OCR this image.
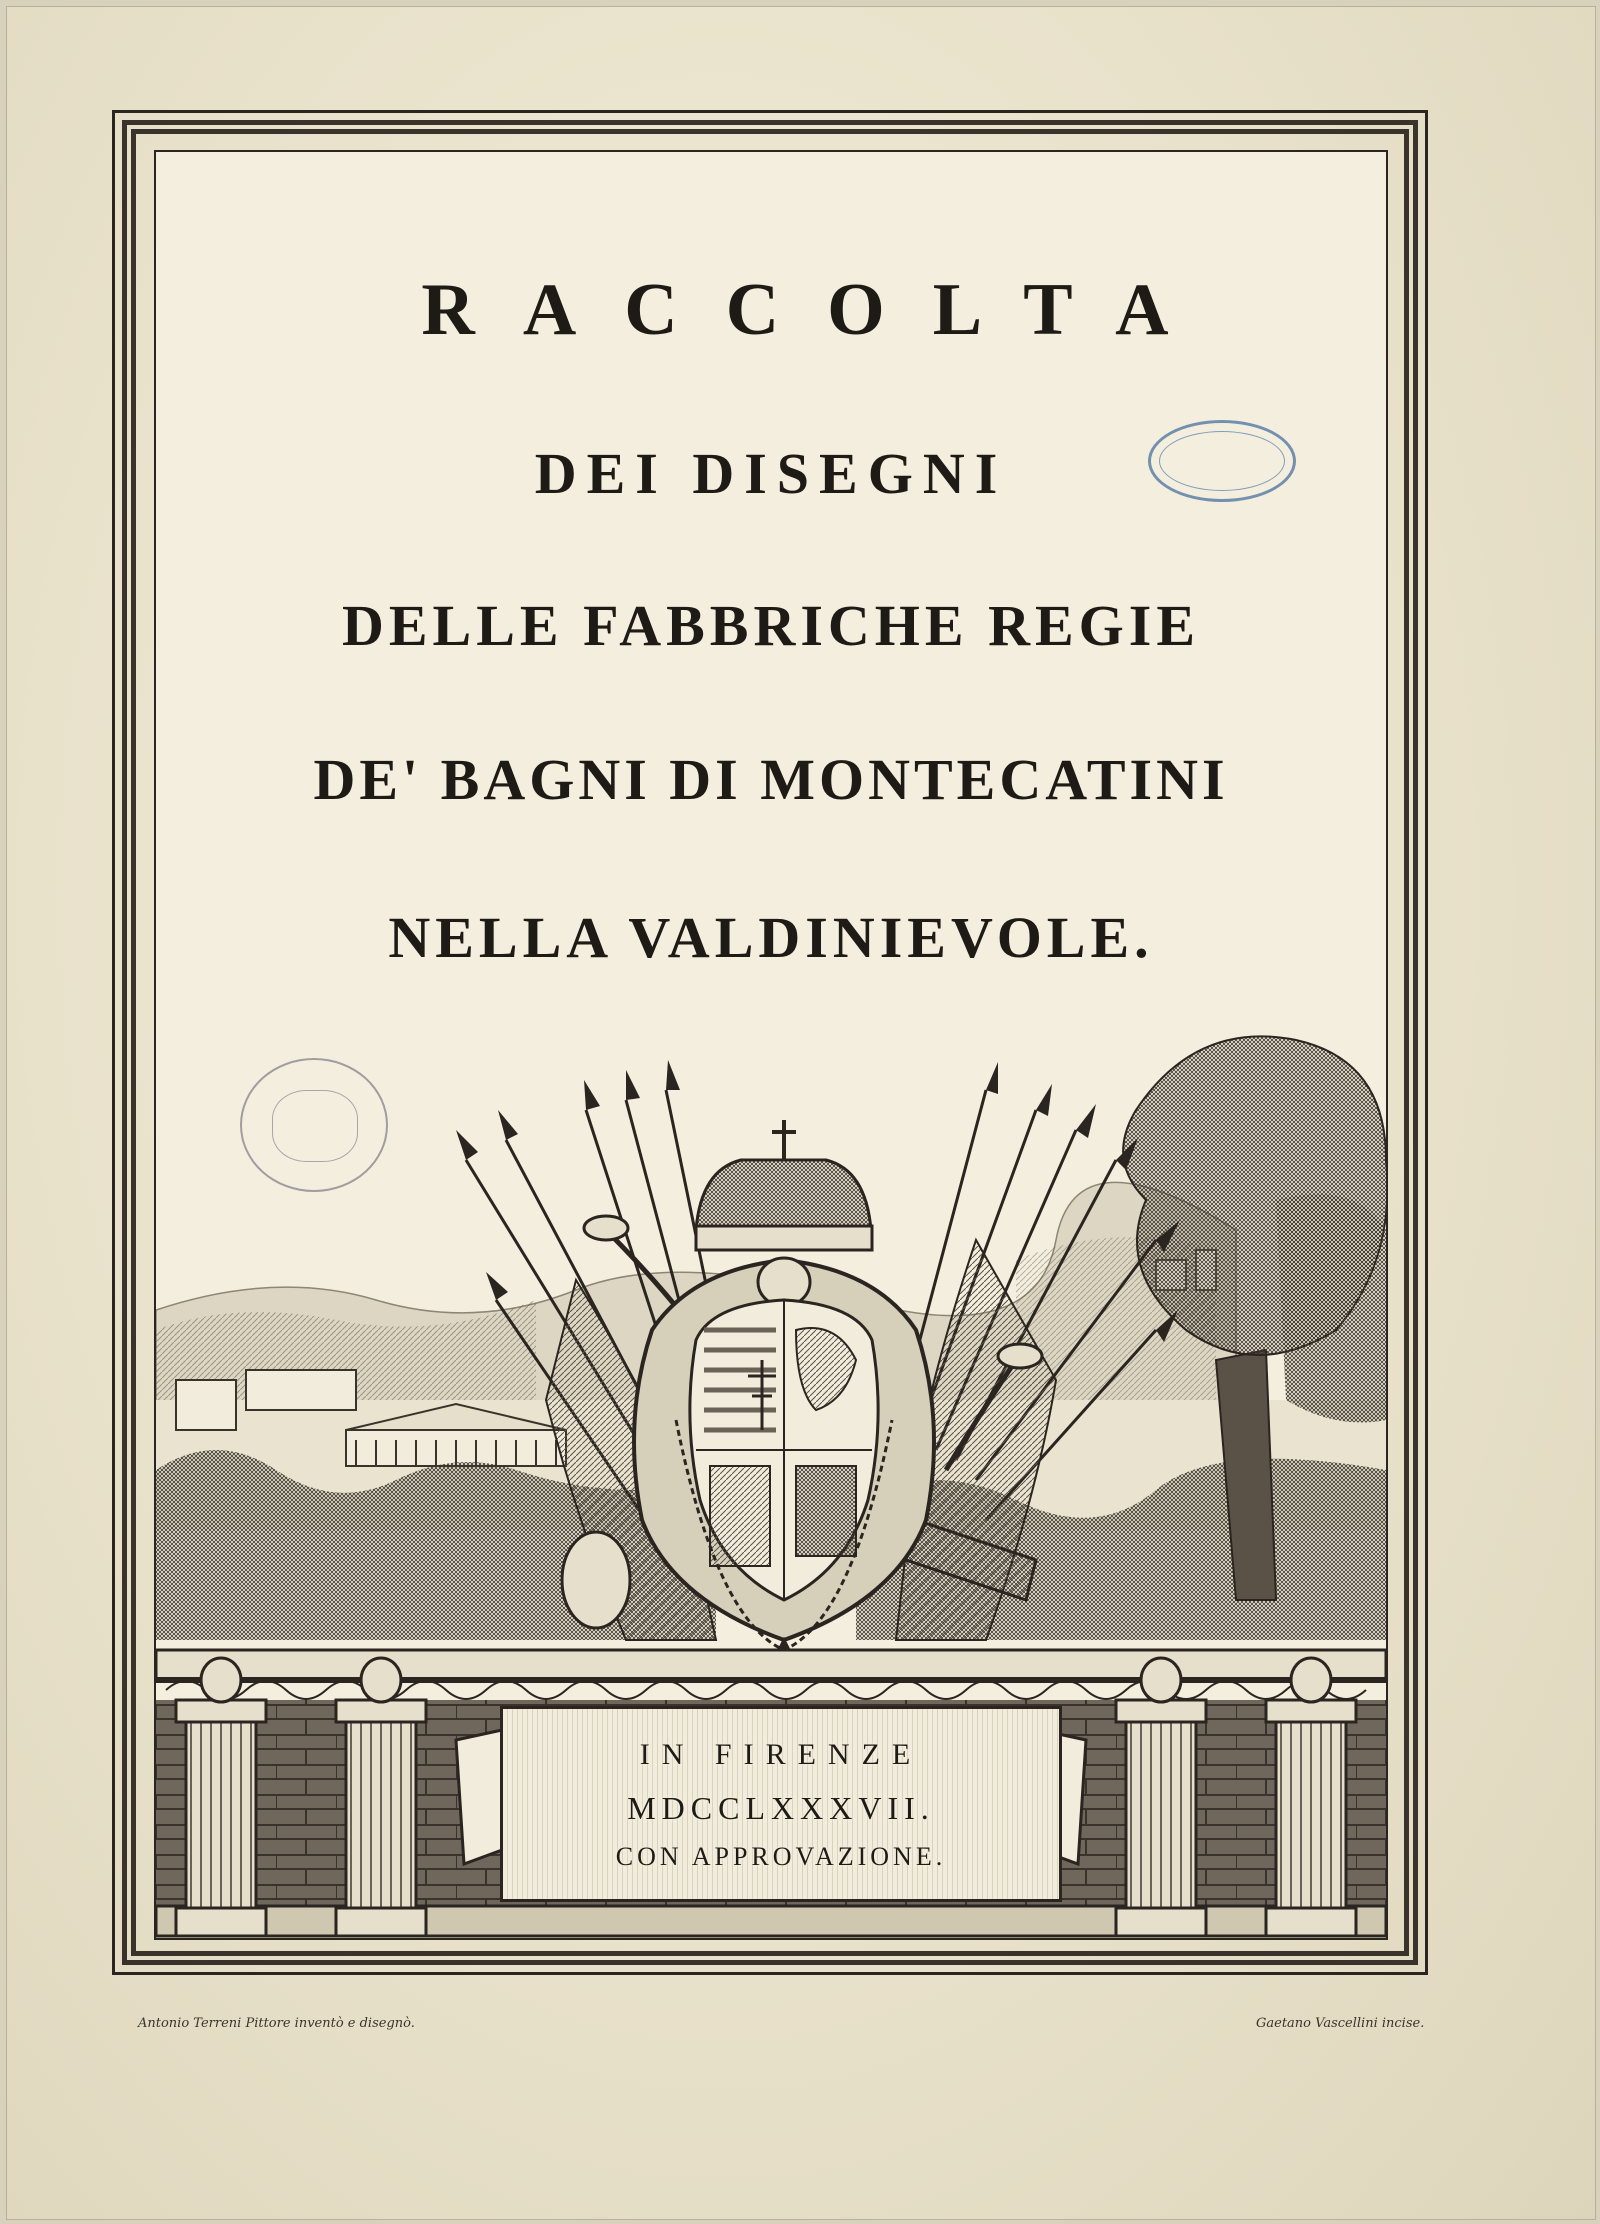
RACCOLTA
DEI DISEGNI
DELLE FABBRICHE REGIE
DE' BAGNI DI MONTECATINI
NELLA VALDINIEVOLE.

IN FIRENZE

MDCCLXXXVII.

CON APPROVAZIONE.

Antonio Terreni Pittore inventò e disegnò.	Gaetano Vascellini incise.
